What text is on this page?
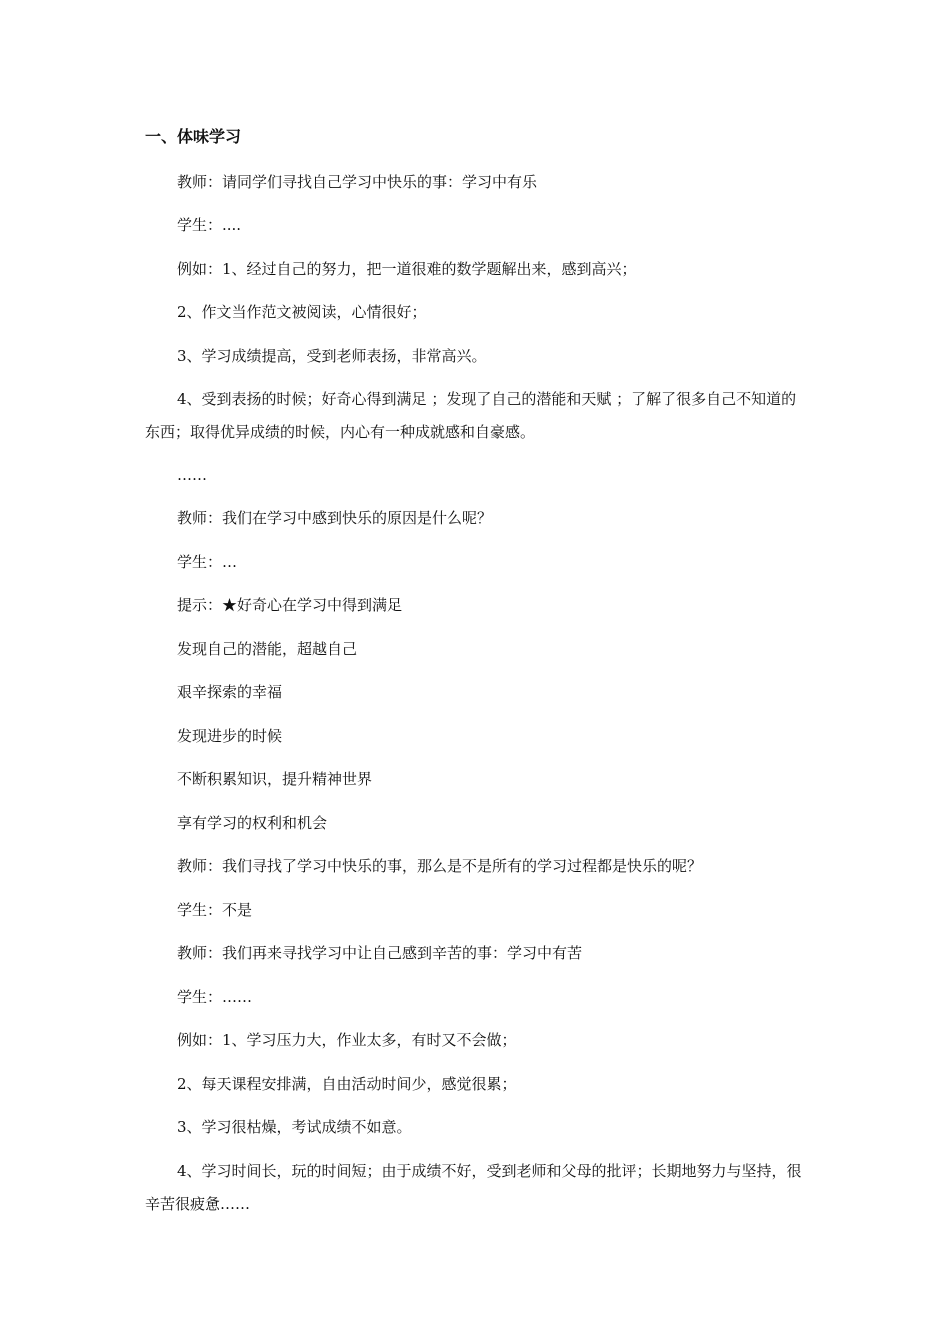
一、体味学习
教师：请同学们寻找自己学习中快乐的事：学习中有乐
学生：....
例如：1、经过自己的努力，把一道很难的数学题解出来，感到高兴；
2、作文当作范文被阅读，心情很好；
3、学习成绩提高，受到老师表扬，非常高兴。
4、受到表扬的时候；好奇心得到满足 ；发现了自己的潜能和天赋 ；了解了很多自己不知道的东西；取得优异成绩的时候，内心有一种成就感和自豪感。
……
教师：我们在学习中感到快乐的原因是什么呢？
学生：…
提示：★好奇心在学习中得到满足
发现自己的潜能，超越自己
艰辛探索的幸福
发现进步的时候
不断积累知识，提升精神世界
享有学习的权利和机会
教师：我们寻找了学习中快乐的事，那么是不是所有的学习过程都是快乐的呢？
学生：不是
教师：我们再来寻找学习中让自己感到辛苦的事：学习中有苦
学生：……
例如：1、学习压力大，作业太多，有时又不会做；
2、每天课程安排满，自由活动时间少，感觉很累；
3、学习很枯燥，考试成绩不如意。
4、学习时间长，玩的时间短；由于成绩不好，受到老师和父母的批评；长期地努力与坚持，很辛苦很疲惫……
